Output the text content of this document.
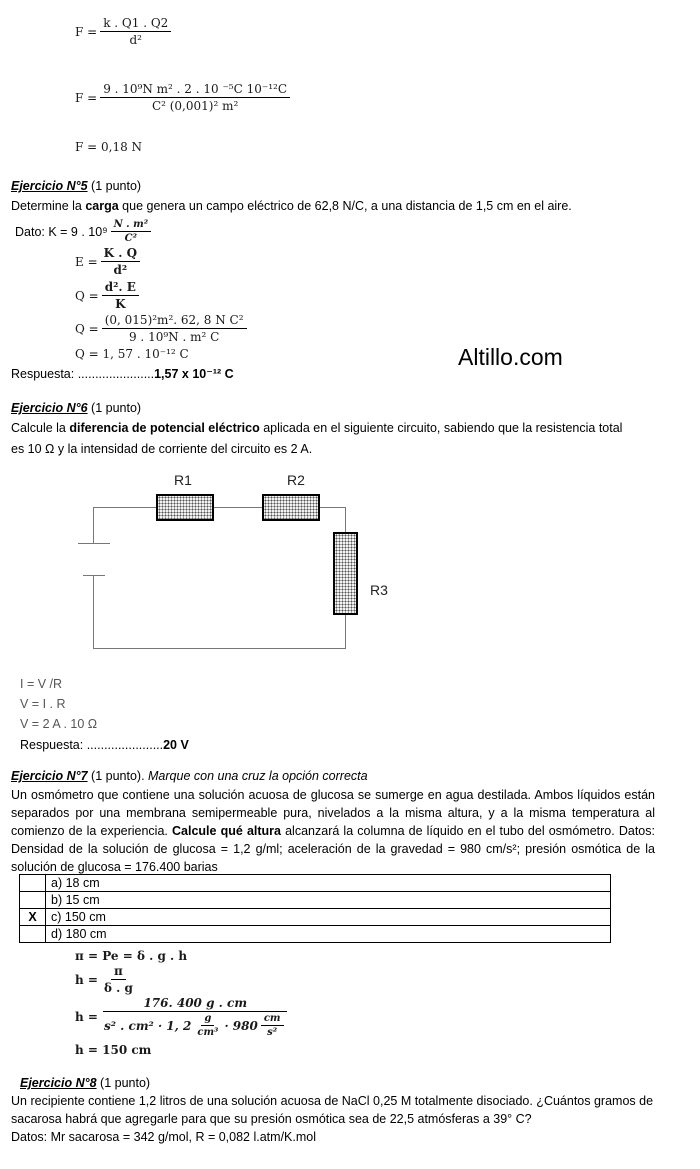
$F = \frac{k . Q1 . Q2}{\text{d²}}$
$F = \frac{\text{9 . 10⁹N m² . 2 . 10 ⁻⁵C 10⁻¹²C}}{\text{C² (0,001)² m²}}$
F = 0,18 N
Ejercicio N°5 (1 punto)
Determine la carga que genera un campo eléctrico de 62,8 N/C, a una distancia de 1,5 cm en el aire.
Dato: K = 9 . $10^9 \frac{\text{N . m²}}{\text{C²}}$
$E = \frac{K . Q}{\text{d²}}$
$Q = \frac{\text{d². E}}{K}$
$Q = \frac{\text{(0, 015)²m². 62, 8 N C²}}{\text{9 . 10⁹N . m² C}}$
Q = 1, 57 . 10⁻¹² C
Respuesta: ......................1,57 x 10⁻¹² C
Altillo.com
Ejercicio N°6 (1 punto)
Calcule la diferencia de potencial eléctrico aplicada en el siguiente circuito, sabiendo que la resistencia total
es 10 Ω y la intensidad de corriente del circuito es 2 A.
R1	R2
R3
I = V /R
V = I . R
V = 2 A . 10 Ω
Respuesta: ......................20 V
Ejercicio N°7 (1 punto). Marque con una cruz la opción correcta
Un osmómetro que contiene una solución acuosa de glucosa se sumerge en agua destilada. Ambos líquidos están separados por una membrana semipermeable pura, nivelados a la misma altura, y a la misma temperatura al comienzo de la experiencia. Calcule qué altura alcanzará la columna de líquido en el tubo del osmómetro. Datos: Densidad de la solución de glucosa = 1,2 g/ml; aceleración de la gravedad = 980 cm/s²; presión osmótica de la solución de glucosa = 176.400 barias
	a) 18 cm
	b) 15 cm
X	c) 150 cm
	d) 180 cm
π = Pe = δ . g . h
$h = \frac{\pi}{\delta . g}$
h =
176. 400 g . cm
s² . cm² · 1, $2 \frac{g}{\text{cm³}} \cdot 980 \frac{cm}{\text{s²}}$
h = 150 cm
Ejercicio N°8 (1 punto)
Un recipiente contiene 1,2 litros de una solución acuosa de NaCl 0,25 M totalmente disociado. ¿Cuántos gramos de
sacarosa habrá que agregarle para que su presión osmótica sea de 22,5 atmósferas a 39° C?
Datos: Mr sacarosa = 342 g/mol, R = 0,082 l.atm/K.mol
